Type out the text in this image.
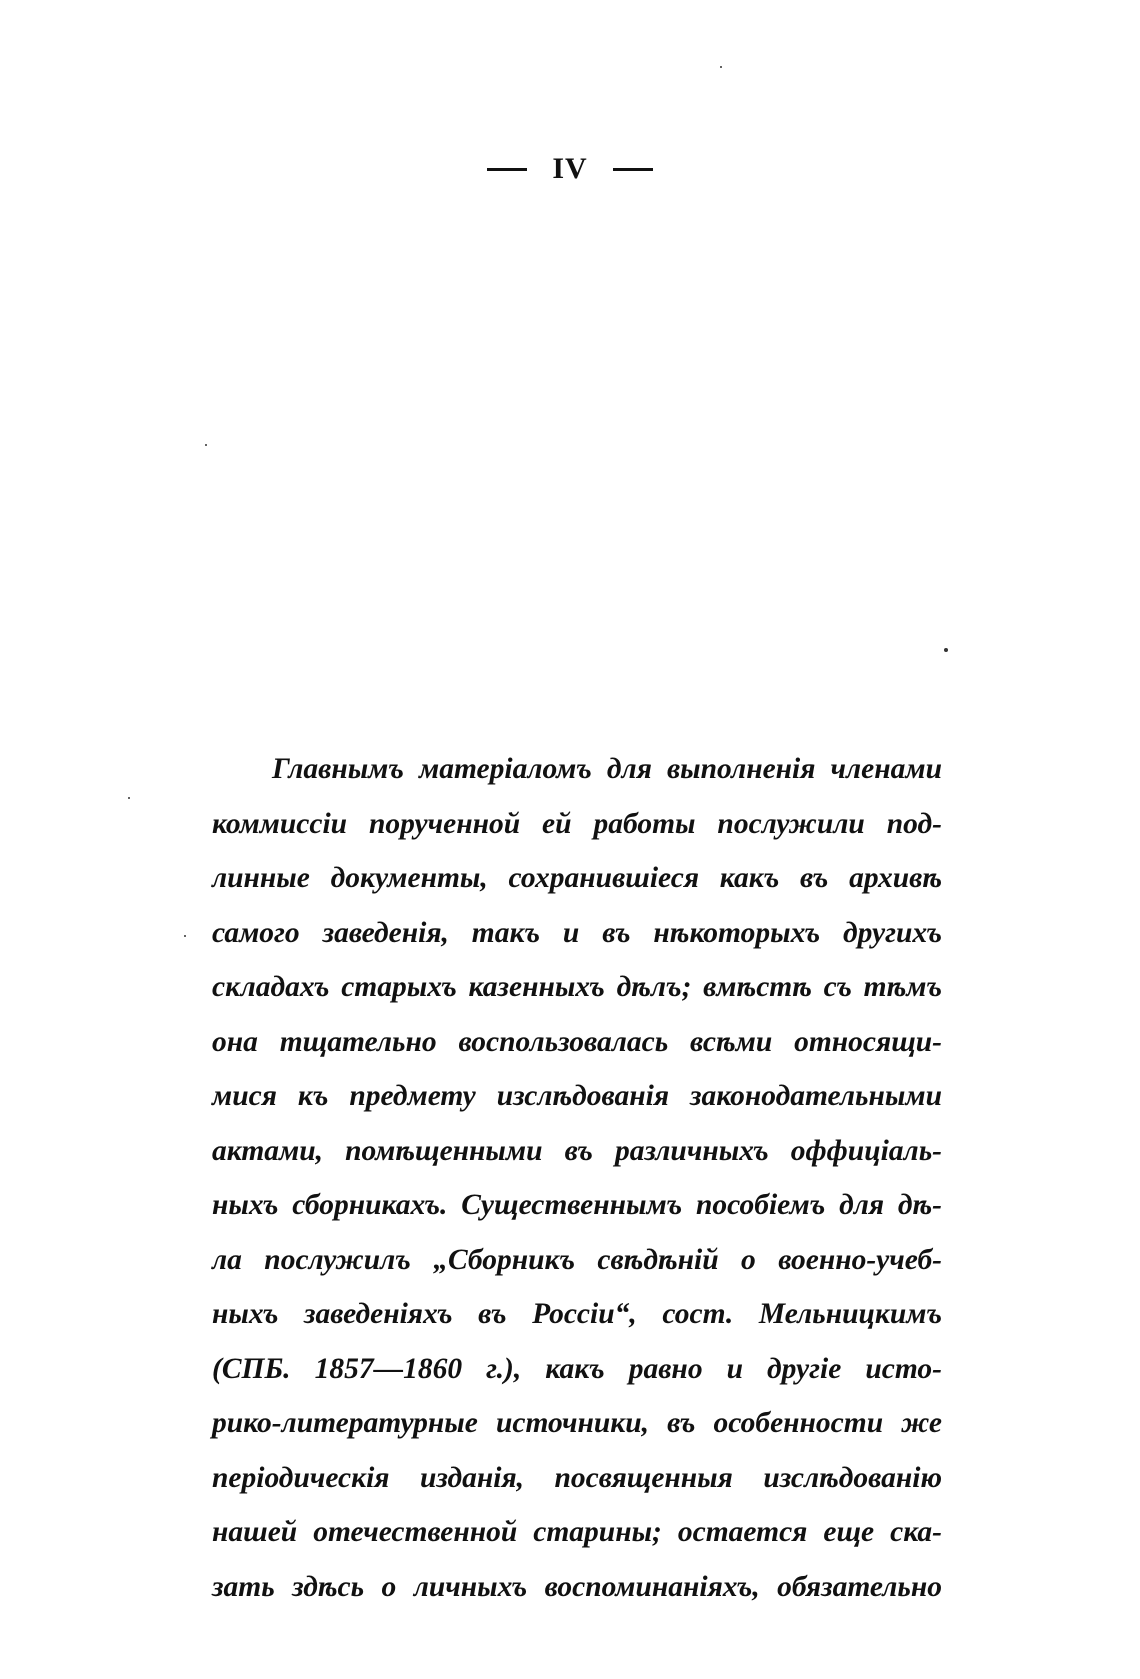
IV
Главнымъ матеріаломъ для выполненія членами
коммиссіи порученной ей работы послужили под-
линные документы, сохранившіеся какъ въ архивѣ
самого заведенія, такъ и въ нѣкоторыхъ другихъ
складахъ старыхъ казенныхъ дѣлъ; вмѣстѣ съ тѣмъ
она тщательно воспользовалась всѣми относящи-
мися къ предмету изслѣдованія законодательными
актами, помѣщенными въ различныхъ оффиціаль-
ныхъ сборникахъ. Существеннымъ пособіемъ для дѣ-
ла послужилъ „Сборникъ свѣдѣній о военно-учеб-
ныхъ заведеніяхъ въ Россіи“, сост. Мельницкимъ
(СПБ. 1857—1860 г.), какъ равно и другіе исто-
рико-литературные источники, въ особенности же
періодическія изданія, посвященныя изслѣдованію
нашей отечественной старины; остается еще ска-
зать здѣсь о личныхъ воспоминаніяхъ, обязательно
